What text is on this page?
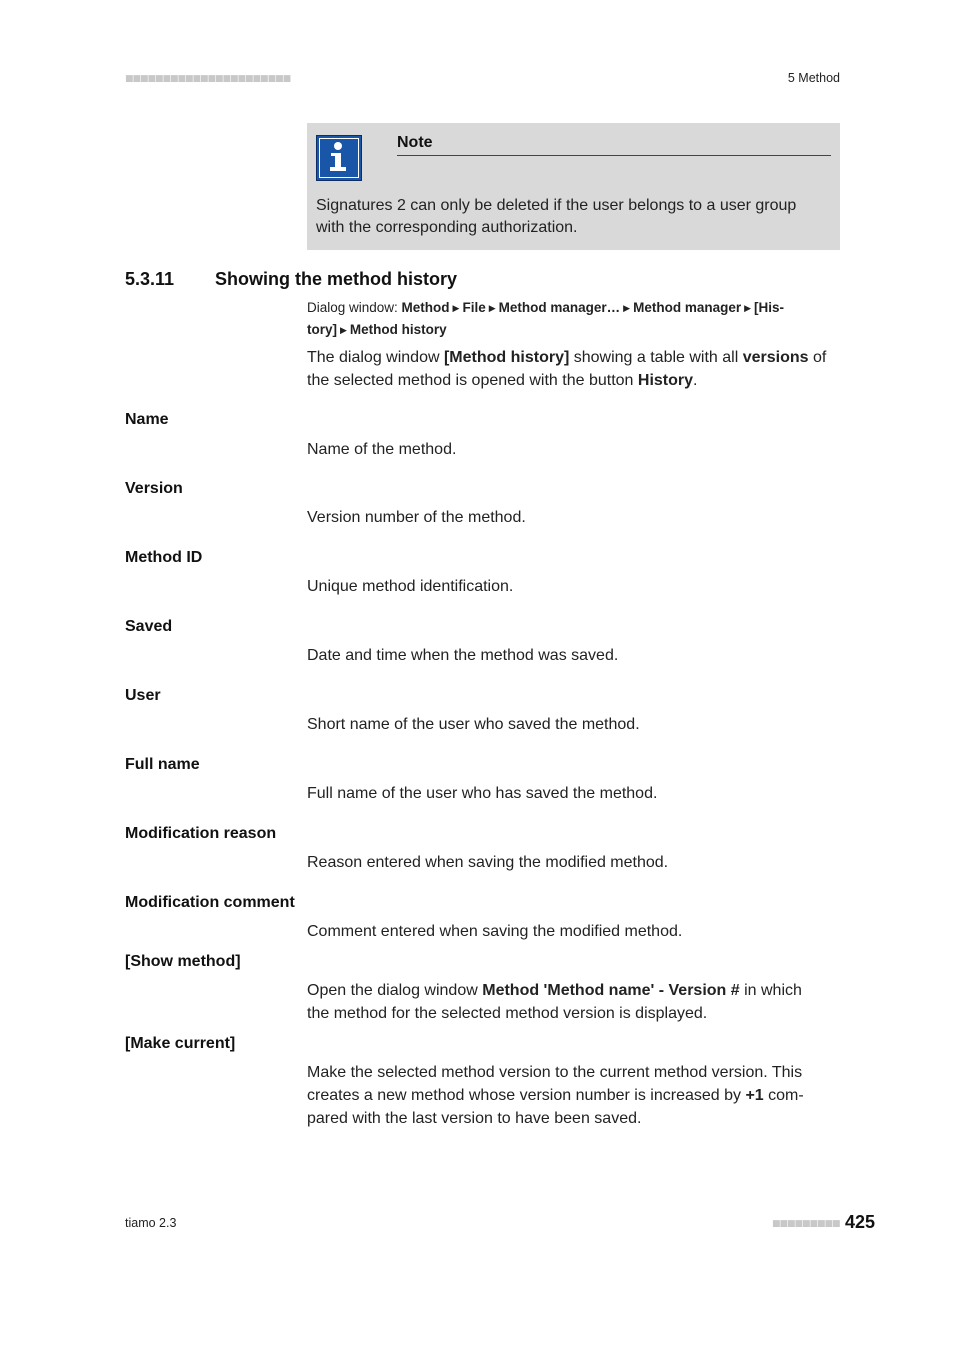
■■■■■■■■■■■■■■■■■■■■■■	5 Method
Note
Signatures 2 can only be deleted if the user belongs to a user group with the corresponding authorization.
5.3.11 Showing the method history
Dialog window: Method ▶ File ▶ Method manager… ▶ Method manager ▶ [His-
tory] ▶ Method history
The dialog window [Method history] showing a table with all versions of the selected method is opened with the button History.
Name
Name of the method.
Version
Version number of the method.
Method ID
Unique method identification.
Saved
Date and time when the method was saved.
User
Short name of the user who saved the method.
Full name
Full name of the user who has saved the method.
Modification reason
Reason entered when saving the modified method.
Modification comment
Comment entered when saving the modified method.
[Show method]
Open the dialog window Method 'Method name' - Version # in which the method for the selected method version is displayed.
[Make current]
Make the selected method version to the current method version. This creates a new method whose version number is increased by +1 com- pared with the last version to have been saved.
tiamo 2.3	■■■■■■■■■ 425
